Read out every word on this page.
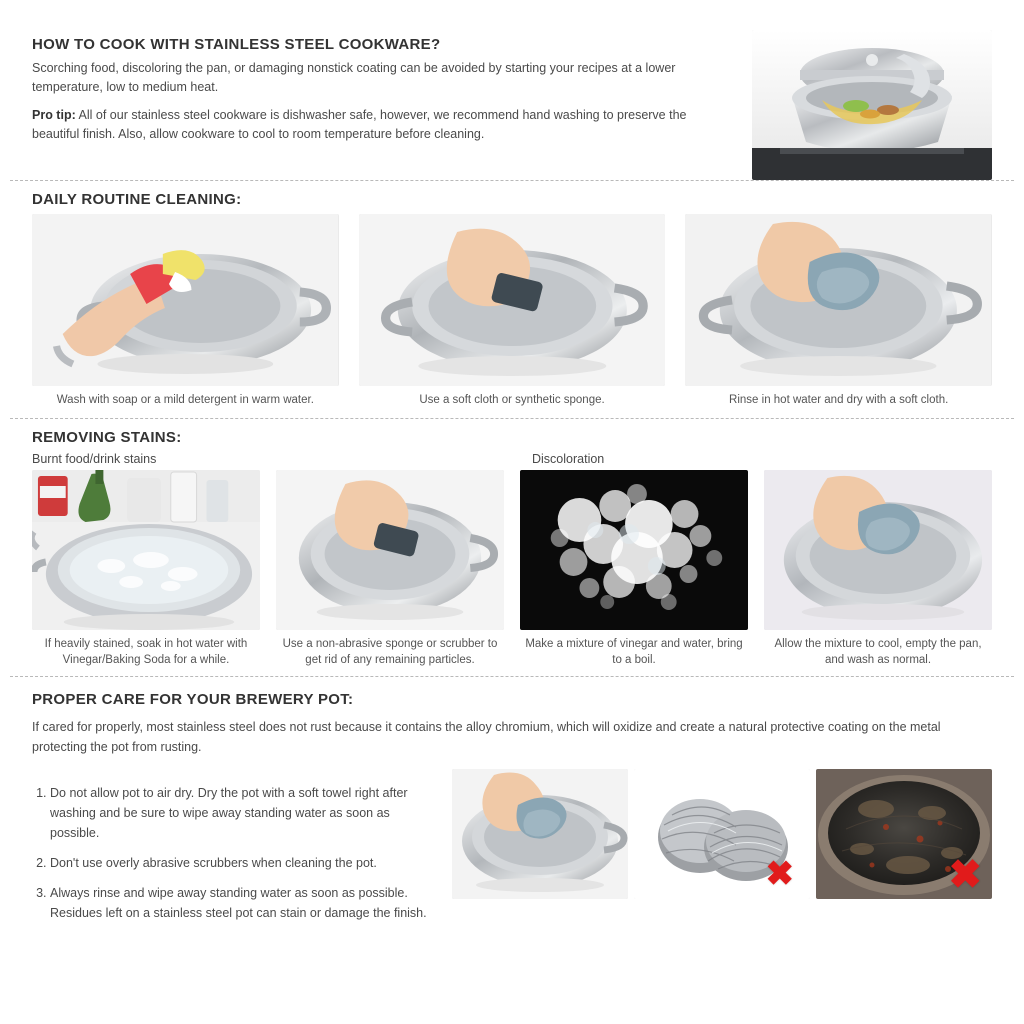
HOW TO COOK WITH STAINLESS STEEL COOKWARE?

Scorching food, discoloring the pan, or damaging nonstick coating can be avoided by starting your recipes at a lower temperature, low to medium heat.

Pro tip: All of our stainless steel cookware is dishwasher safe, however, we recommend hand washing to preserve the beautiful finish. Also, allow cookware to cool to room temperature before cleaning.

DAILY ROUTINE CLEANING:
Wash with soap or a mild detergent in warm water.	Use a soft cloth or synthetic sponge.	Rinse in hot water and dry with a soft cloth.
REMOVING STAINS:
Burnt food/drink stains	Discoloration
If heavily stained, soak in hot water with Vinegar/Baking Soda for a while.
Use a non-abrasive sponge or scrubber to get rid of any remaining particles.
Make a mixture of vinegar and water, bring to a boil.
Allow the mixture to cool, empty the pan, and wash as normal.
PROPER CARE FOR YOUR BREWERY POT:

If cared for properly, most stainless steel does not rust because it contains the alloy chromium, which will oxidize and create a natural protective coating on the metal protecting the pot from rusting.

1. Do not allow pot to air dry. Dry the pot with a soft towel right after washing and be sure to wipe away standing water as soon as possible.
2. Don't use overly abrasive scrubbers when cleaning the pot.
3. Always rinse and wipe away standing water as soon as possible. Residues left on a stainless steel pot can stain or damage the finish.
✖	✖
